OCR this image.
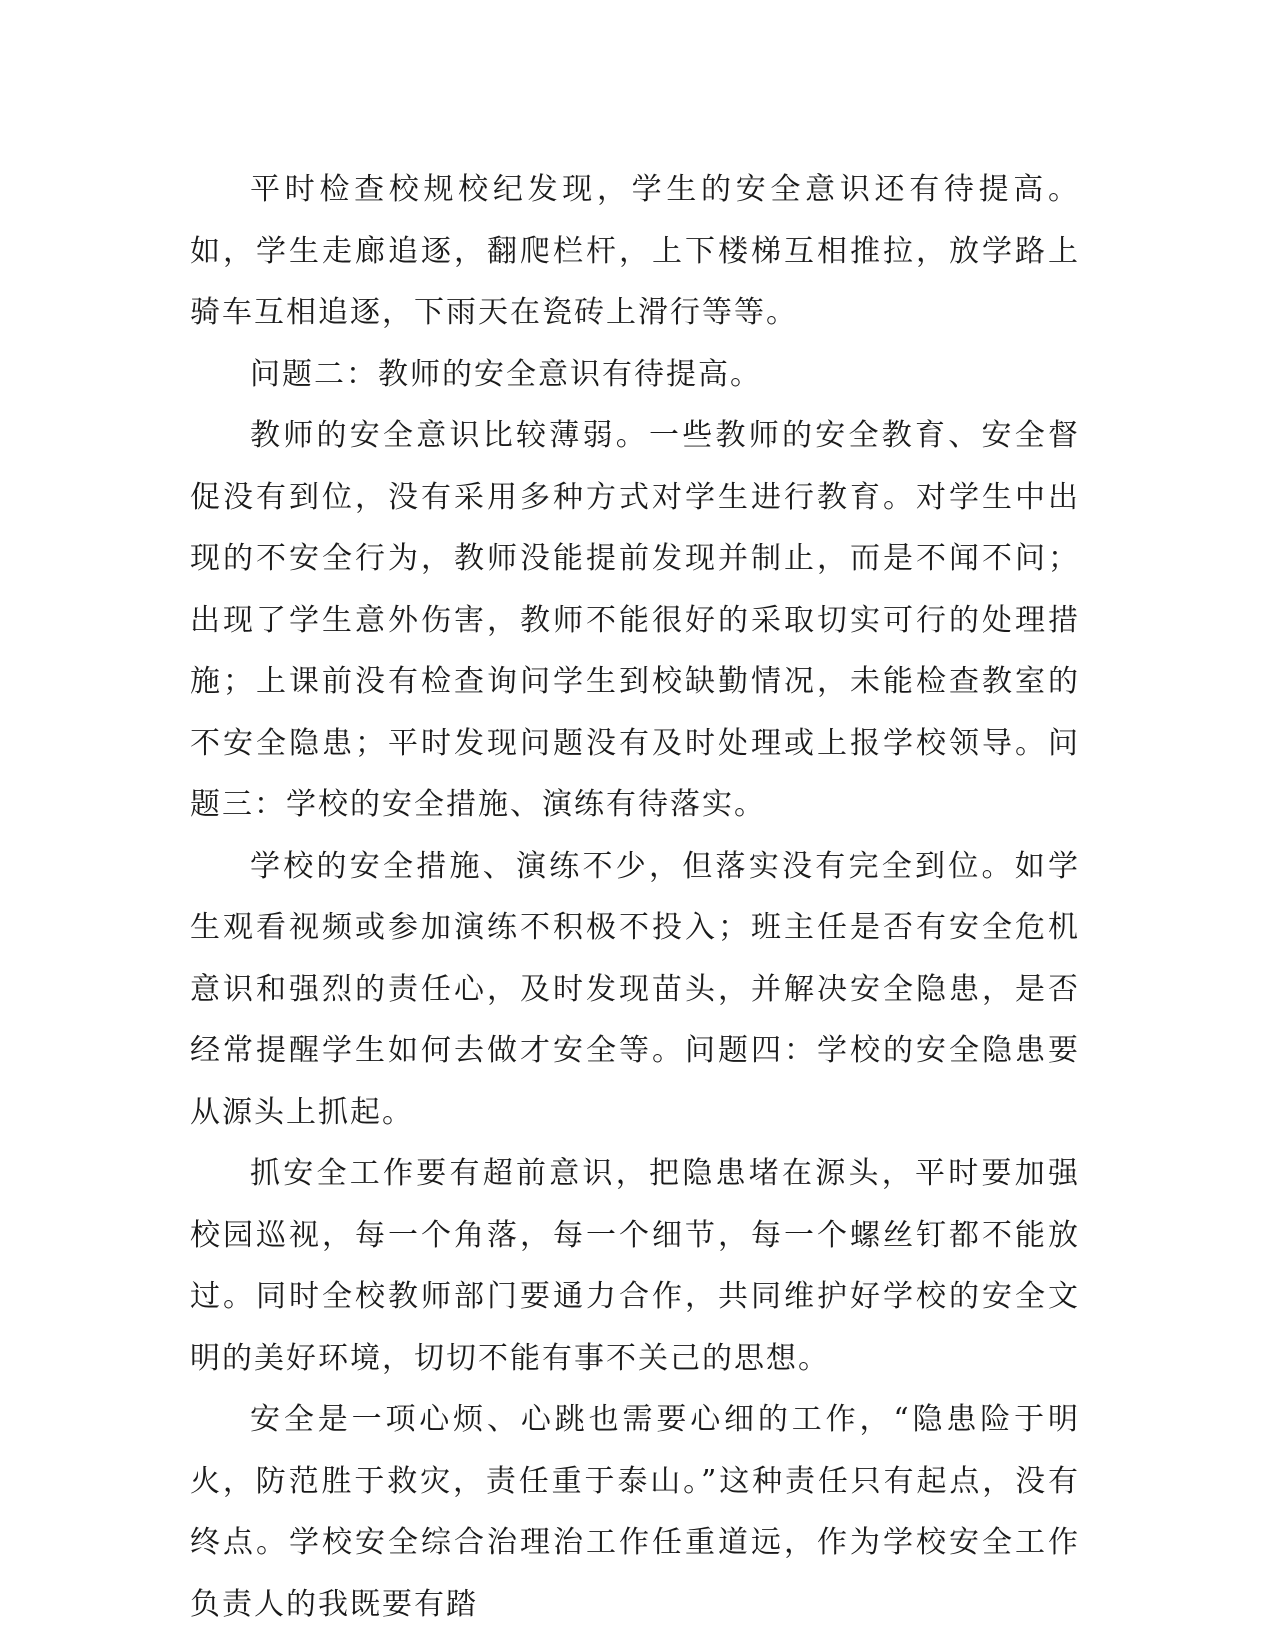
平时检查校规校纪发现，学生的安全意识还有待提高。如，学生走廊追逐，翻爬栏杆，上下楼梯互相推拉，放学路上骑车互相追逐，下雨天在瓷砖上滑行等等。

问题二：教师的安全意识有待提高。

教师的安全意识比较薄弱。一些教师的安全教育、安全督促没有到位，没有采用多种方式对学生进行教育。对学生中出现的不安全行为，教师没能提前发现并制止，而是不闻不问；出现了学生意外伤害，教师不能很好的采取切实可行的处理措施；上课前没有检查询问学生到校缺勤情况，未能检查教室的不安全隐患；平时发现问题没有及时处理或上报学校领导。问题三：学校的安全措施、演练有待落实。

学校的安全措施、演练不少，但落实没有完全到位。如学生观看视频或参加演练不积极不投入；班主任是否有安全危机意识和强烈的责任心，及时发现苗头，并解决安全隐患，是否经常提醒学生如何去做才安全等。问题四：学校的安全隐患要从源头上抓起。

抓安全工作要有超前意识，把隐患堵在源头，平时要加强校园巡视，每一个角落，每一个细节，每一个螺丝钉都不能放过。同时全校教师部门要通力合作，共同维护好学校的安全文明的美好环境，切切不能有事不关己的思想。

安全是一项心烦、心跳也需要心细的工作，“隐患险于明火，防范胜于救灾，责任重于泰山。”这种责任只有起点，没有终点。学校安全综合治理治工作任重道远，作为学校安全工作负责人的我既要有踏
